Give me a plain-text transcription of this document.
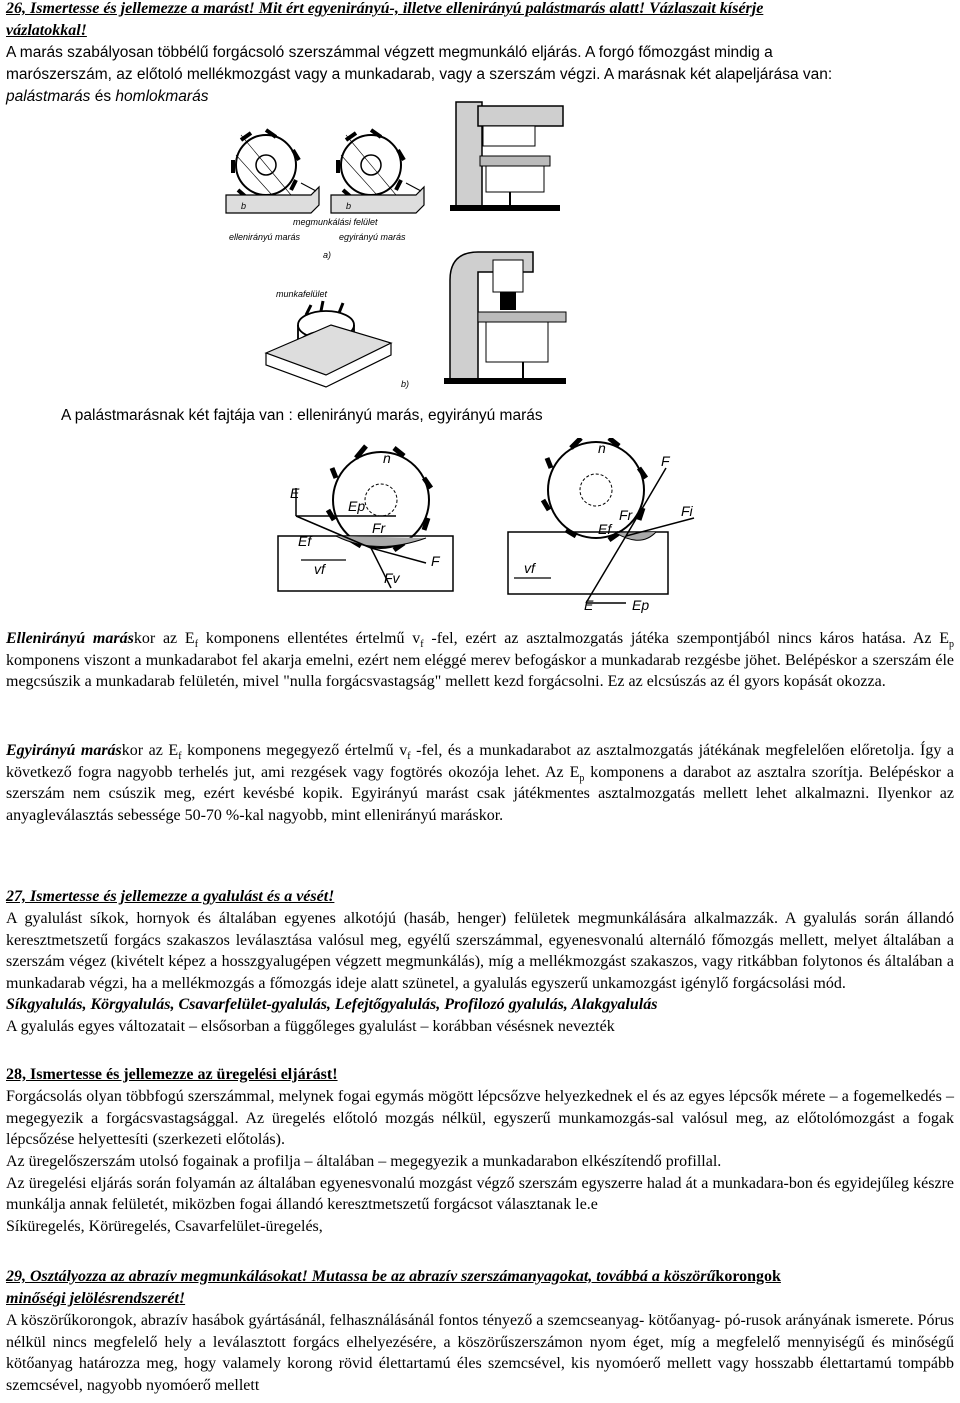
26, Ismertesse és jellemezze a marást! Mit ért egyenirányú-, illetve ellenirányú palástmarás alatt! Vázlaszait kísérje
vázlatokkal!
A marás szabályosan többélű forgácsoló szerszámmal végzett megmunkáló eljárás. A forgó főmozgást mindig a
marószerszám, az előtoló mellékmozgást vagy a munkadarab, vagy a szerszám végzi. A marásnak két alapeljárása van:
palástmarás és homlokmarás
b	b
megmunkálási felület
ellenirányú marás	egyirányú marás
a)
munkafelület
b)
A palástmarásnak két fajtája van : ellenirányú marás, egyirányú marás
E
Ep
Ef
Fr
F
Fv
vf
n	F
Fi
Fr
Ef
E	Ep
vf
n

Ellenirányú maráskor az $E_f$ komponens ellentétes értelmű $v_f$ -fel, ezért az asztalmozgatás játéka szempontjából nincs káros hatása. Az $E_p$ komponens viszont a munkadarabot fel akarja emelni, ezért nem eléggé merev befogáskor a munkadarab rezgésbe jöhet. Belépéskor a szerszám éle megcsúszik a munkadarab felületén, mivel "nulla forgácsvastagság" mellett kezd forgácsolni. Ez az elcsúszás az él gyors kopását okozza.

Egyirányú maráskor az $E_f$ komponens megegyező értelmű $v_f$ -fel, és a munkadarabot az asztalmozgatás játékának megfelelően előretolja. Így a következő fogra nagyobb terhelés jut, ami rezgések vagy fogtörés okozója lehet. Az $E_p$ komponens a darabot az asztalra szorítja. Belépéskor a szerszám nem csúszik meg, ezért kevésbé kopik. Egyirányú marást csak játékmentes asztalmozgatás mellett lehet alkalmazni. Ilyenkor az anyagleválasztás sebessége 50-70 %-kal nagyobb, mint ellenirányú maráskor.

27, Ismertesse és jellemezze a gyalulást és a vését!

A gyalulást síkok, hornyok és általában egyenes alkotójú (hasáb, henger) felületek megmunkálására alkalmazzák. A gyalulás során állandó keresztmetszetű forgács szakaszos leválasztása valósul meg, egyélű szerszámmal, egyenesvonalú alternáló főmozgás mellett, melyet általában a szerszám végez (kivételt képez a hosszgyalugépen végzett megmunkálás), míg a mellékmozgást szakaszos, vagy ritkábban folytonos és általában a munkadarab végzi, ha a mellékmozgás a főmozgás ideje alatt szünetel, a gyalulás egyszerű unkamozgást igénylő forgácsolási mód.

Síkgyalulás, Körgyalulás, Csavarfelület-gyalulás, Lefejtőgyalulás, Profilozó gyalulás, Alakgyalulás

A gyalulás egyes változatait – elsősorban a függőleges gyalulást – korábban vésésnek nevezték

28, Ismertesse és jellemezze az üregelési eljárást!

Forgácsolás olyan többfogú szerszámmal, melynek fogai egymás mögött lépcsőzve helyezkednek el és az egyes lépcsők mérete – a fogemelkedés – megegyezik a forgácsvastagsággal. Az üregelés előtoló mozgás nélkül, egyszerű munkamozgás-sal valósul meg, az előtolómozgást a fogak lépcsőzése helyettesíti (szerkezeti előtolás).

Az üregelőszerszám utolsó fogainak a profilja – általában – megegyezik a munkadarabon elkészítendő profillal.

Az üregelési eljárás során folyamán az általában egyenesvonalú mozgást végző szerszám egyszerre halad át a munkadara-bon és egyidejűleg készre munkálja annak felületét, miközben fogai állandó keresztmetszetű forgácsot választanak le.e

Síküregelés, Körüregelés, Csavarfelület-üregelés,

29, Osztályozza az abrazív megmunkálásokat! Mutassa be az abrazív szerszámanyagokat, továbbá a köszörűkorongok
minőségi jelölésrendszerét!

A köszörűkorongok, abrazív hasábok gyártásánál, felhasználásánál fontos tényező a szemcseanyag- kötőanyag- pó-rusok arányának ismerete. Pórus nélkül nincs megfelelő hely a leválasztott forgács elhelyezésére, a köszörűszerszámon nyom éget, míg a megfelelő mennyiségű és minőségű kötőanyag határozza meg, hogy valamely korong rövid élettartamú éles szemcsével, kis nyomóerő mellett vagy hosszabb élettartamú tompább szemcsével, nagyobb nyomóerő mellett
